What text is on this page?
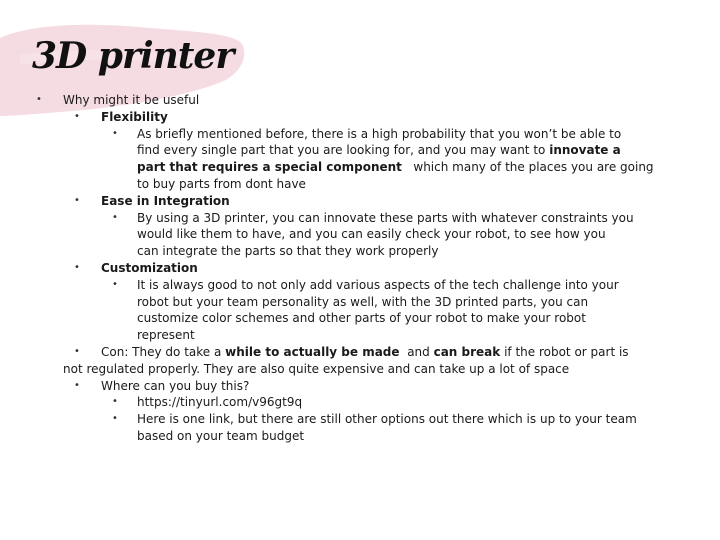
3D printer
• Why might it be useful

• Flexibility

• As briefly mentioned before, there is a high probability that you won’t be able to

find every single part that you are looking for, and you may want to innovate a

part that requires a special component which many of the places you are going

to buy parts from dont have

• Ease in Integration

• By using a 3D printer, you can innovate these parts with whatever constraints you

would like them to have, and you can easily check your robot, to see how you

can integrate the parts so that they work properly

• Customization

• It is always good to not only add various aspects of the tech challenge into your

robot but your team personality as well, with the 3D printed parts, you can

customize color schemes and other parts of your robot to make your robot

represent

• Con: They do take a while to actually be made and can break if the robot or part is

not regulated properly. They are also quite expensive and can take up a lot of space

• Where can you buy this?

• https://tinyurl.com/v96gt9q

• Here is one link, but there are still other options out there which is up to your team

based on your team budget
